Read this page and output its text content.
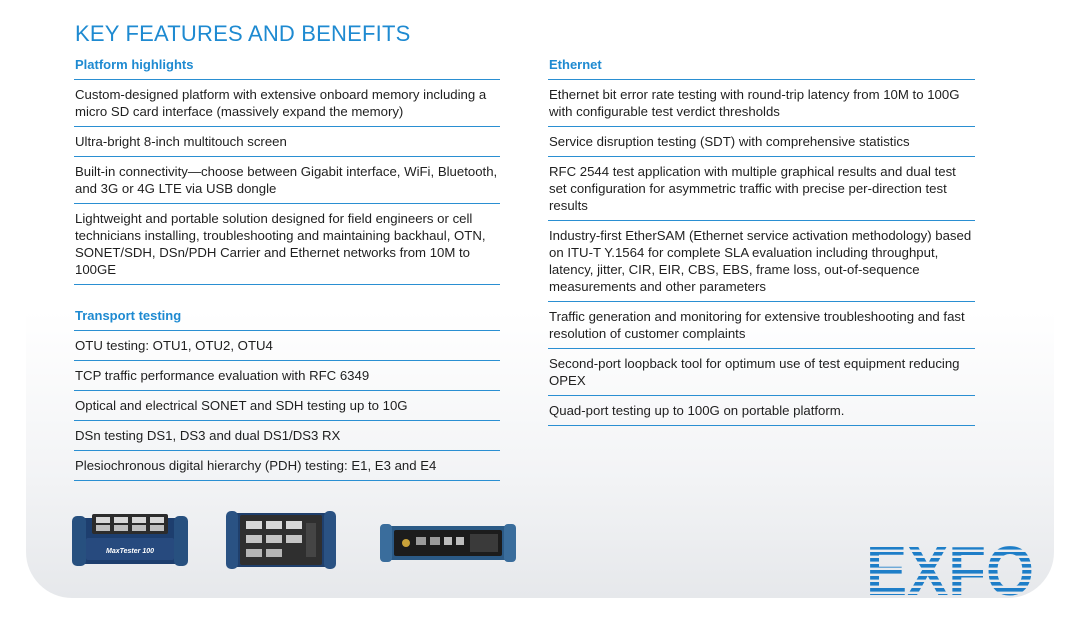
KEY FEATURES AND BENEFITS
Platform highlights
Custom-designed platform with extensive onboard memory including a micro SD card interface (massively expand the memory)
Ultra-bright 8-inch multitouch screen
Built-in connectivity—choose between Gigabit interface, WiFi, Bluetooth, and 3G or 4G LTE via USB dongle
Lightweight and portable solution designed for field engineers or cell technicians installing, troubleshooting and maintaining backhaul, OTN, SONET/SDH, DSn/PDH Carrier and Ethernet networks from 10M to 100GE
Transport testing
OTU testing: OTU1, OTU2, OTU4
TCP traffic performance evaluation with RFC 6349
Optical and electrical SONET and SDH testing up to 10G
DSn testing DS1, DS3 and dual DS1/DS3 RX
Plesiochronous digital hierarchy (PDH) testing: E1, E3 and E4
Ethernet
Ethernet bit error rate testing with round-trip latency from 10M to 100G with configurable test verdict thresholds
Service disruption testing (SDT) with comprehensive statistics
RFC 2544 test application with multiple graphical results and dual test set configuration for asymmetric traffic with precise per-direction test results
Industry-first EtherSAM (Ethernet service activation methodology) based on ITU-T Y.1564 for complete SLA evaluation including throughput, latency, jitter, CIR, EIR, CBS, EBS, frame loss, out-of-sequence measurements and other parameters
Traffic generation and monitoring for extensive troubleshooting and fast resolution of customer complaints
Second-port loopback tool for optimum use of test equipment reducing OPEX
Quad-port testing up to 100G on portable platform.
MaxTester 100	EXFO
